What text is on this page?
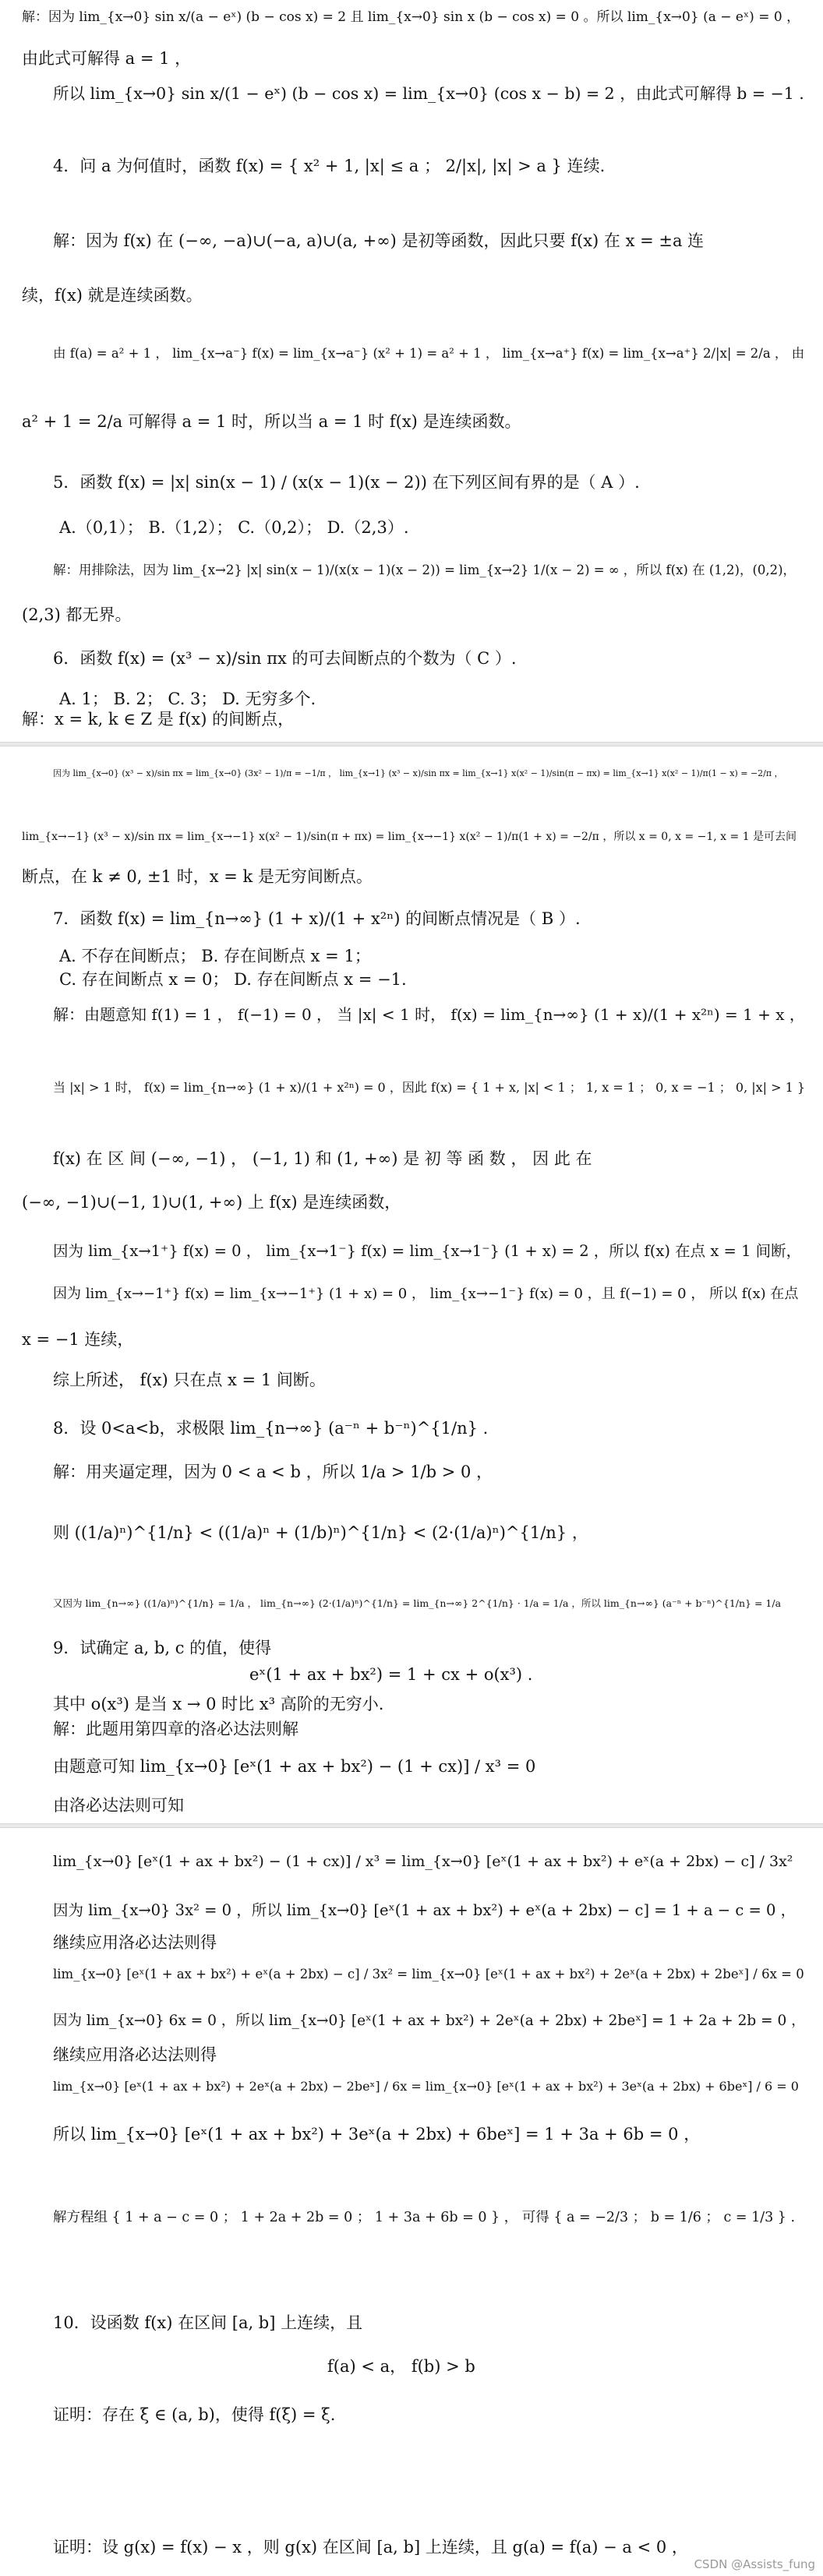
解：因为 lim_{x→0} sin x/(a − eˣ) (b − cos x) = 2 且 lim_{x→0} sin x (b − cos x) = 0 。所以 lim_{x→0} (a − eˣ) = 0 ，
由此式可解得 a = 1 ，
所以 lim_{x→0} sin x/(1 − eˣ) (b − cos x) = lim_{x→0} (cos x − b) = 2 ，由此式可解得 b = −1 .
4．问 a 为何值时，函数 f(x) = { x² + 1, |x| ≤ a ； 2/|x|, |x| > a } 连续.
解：因为 f(x) 在 (−∞, −a)∪(−a, a)∪(a, +∞) 是初等函数，因此只要 f(x) 在 x = ±a 连
续，f(x) 就是连续函数。
由 f(a) = a² + 1 ， lim_{x→a⁻} f(x) = lim_{x→a⁻} (x² + 1) = a² + 1 ， lim_{x→a⁺} f(x) = lim_{x→a⁺} 2/|x| = 2/a ， 由
a² + 1 = 2/a 可解得 a = 1 时，所以当 a = 1 时 f(x) 是连续函数。
5．函数 f(x) = |x| sin(x − 1) / (x(x − 1)(x − 2)) 在下列区间有界的是（ A ）.
A.（0,1）； B.（1,2）； C.（0,2）； D.（2,3）.
解：用排除法，因为 lim_{x→2} |x| sin(x − 1)/(x(x − 1)(x − 2)) = lim_{x→2} 1/(x − 2) = ∞ ，所以 f(x) 在 (1,2)，(0,2)，
(2,3) 都无界。
6．函数 f(x) = (x³ − x)/sin πx 的可去间断点的个数为（ C ）.
A. 1； B. 2； C. 3； D. 无穷多个.
解：x = k, k ∈ Z 是 f(x) 的间断点，
因为 lim_{x→0} (x³ − x)/sin πx = lim_{x→0} (3x² − 1)/π = −1/π ， lim_{x→1} (x³ − x)/sin πx = lim_{x→1} x(x² − 1)/sin(π − πx) = lim_{x→1} x(x² − 1)/π(1 − x) = −2/π ，
lim_{x→−1} (x³ − x)/sin πx = lim_{x→−1} x(x² − 1)/sin(π + πx) = lim_{x→−1} x(x² − 1)/π(1 + x) = −2/π ，所以 x = 0, x = −1, x = 1 是可去间
断点，在 k ≠ 0, ±1 时，x = k 是无穷间断点。
7．函数 f(x) = lim_{n→∞} (1 + x)/(1 + x²ⁿ) 的间断点情况是（ B ）.
A. 不存在间断点； B. 存在间断点 x = 1；
C. 存在间断点 x = 0； D. 存在间断点 x = −1.
解：由题意知 f(1) = 1 ， f(−1) = 0 ， 当 |x| < 1 时， f(x) = lim_{n→∞} (1 + x)/(1 + x²ⁿ) = 1 + x ，
当 |x| > 1 时， f(x) = lim_{n→∞} (1 + x)/(1 + x²ⁿ) = 0 ，因此 f(x) = { 1 + x, |x| < 1 ； 1, x = 1 ； 0, x = −1 ； 0, |x| > 1 }
f(x) 在 区 间 (−∞, −1) ， (−1, 1) 和 (1, +∞) 是 初 等 函 数 ， 因 此 在
(−∞, −1)∪(−1, 1)∪(1, +∞) 上 f(x) 是连续函数，
因为 lim_{x→1⁺} f(x) = 0 ， lim_{x→1⁻} f(x) = lim_{x→1⁻} (1 + x) = 2 ，所以 f(x) 在点 x = 1 间断，
因为 lim_{x→−1⁺} f(x) = lim_{x→−1⁺} (1 + x) = 0 ， lim_{x→−1⁻} f(x) = 0 ，且 f(−1) = 0 ， 所以 f(x) 在点
x = −1 连续，
综上所述， f(x) 只在点 x = 1 间断。
8．设 0<a<b，求极限 lim_{n→∞} (a⁻ⁿ + b⁻ⁿ)^{1/n} .
解：用夹逼定理，因为 0 < a < b ，所以 1/a > 1/b > 0 ，
则 ((1/a)ⁿ)^{1/n} < ((1/a)ⁿ + (1/b)ⁿ)^{1/n} < (2·(1/a)ⁿ)^{1/n} ，
又因为 lim_{n→∞} ((1/a)ⁿ)^{1/n} = 1/a ， lim_{n→∞} (2·(1/a)ⁿ)^{1/n} = lim_{n→∞} 2^{1/n} · 1/a = 1/a ，所以 lim_{n→∞} (a⁻ⁿ + b⁻ⁿ)^{1/n} = 1/a
9．试确定 a, b, c 的值，使得
eˣ(1 + ax + bx²) = 1 + cx + o(x³) .
其中 o(x³) 是当 x → 0 时比 x³ 高阶的无穷小.
解：此题用第四章的洛必达法则解
由题意可知 lim_{x→0} [eˣ(1 + ax + bx²) − (1 + cx)] / x³ = 0
由洛必达法则可知
lim_{x→0} [eˣ(1 + ax + bx²) − (1 + cx)] / x³ = lim_{x→0} [eˣ(1 + ax + bx²) + eˣ(a + 2bx) − c] / 3x²
因为 lim_{x→0} 3x² = 0 ，所以 lim_{x→0} [eˣ(1 + ax + bx²) + eˣ(a + 2bx) − c] = 1 + a − c = 0 ，
继续应用洛必达法则得
lim_{x→0} [eˣ(1 + ax + bx²) + eˣ(a + 2bx) − c] / 3x² = lim_{x→0} [eˣ(1 + ax + bx²) + 2eˣ(a + 2bx) + 2beˣ] / 6x = 0
因为 lim_{x→0} 6x = 0 ，所以 lim_{x→0} [eˣ(1 + ax + bx²) + 2eˣ(a + 2bx) + 2beˣ] = 1 + 2a + 2b = 0 ，
继续应用洛必达法则得
lim_{x→0} [eˣ(1 + ax + bx²) + 2eˣ(a + 2bx) − 2beˣ] / 6x = lim_{x→0} [eˣ(1 + ax + bx²) + 3eˣ(a + 2bx) + 6beˣ] / 6 = 0
所以 lim_{x→0} [eˣ(1 + ax + bx²) + 3eˣ(a + 2bx) + 6beˣ] = 1 + 3a + 6b = 0 ，
解方程组 { 1 + a − c = 0 ； 1 + 2a + 2b = 0 ； 1 + 3a + 6b = 0 } ， 可得 { a = −2/3 ； b = 1/6 ； c = 1/3 } .
10．设函数 f(x) 在区间 [a, b] 上连续，且
f(a) < a， f(b) > b
证明：存在 ξ ∈ (a, b)，使得 f(ξ) = ξ.
证明：设 g(x) = f(x) − x ，则 g(x) 在区间 [a, b] 上连续，且 g(a) = f(a) − a < 0 ，
CSDN @Assists_fung
